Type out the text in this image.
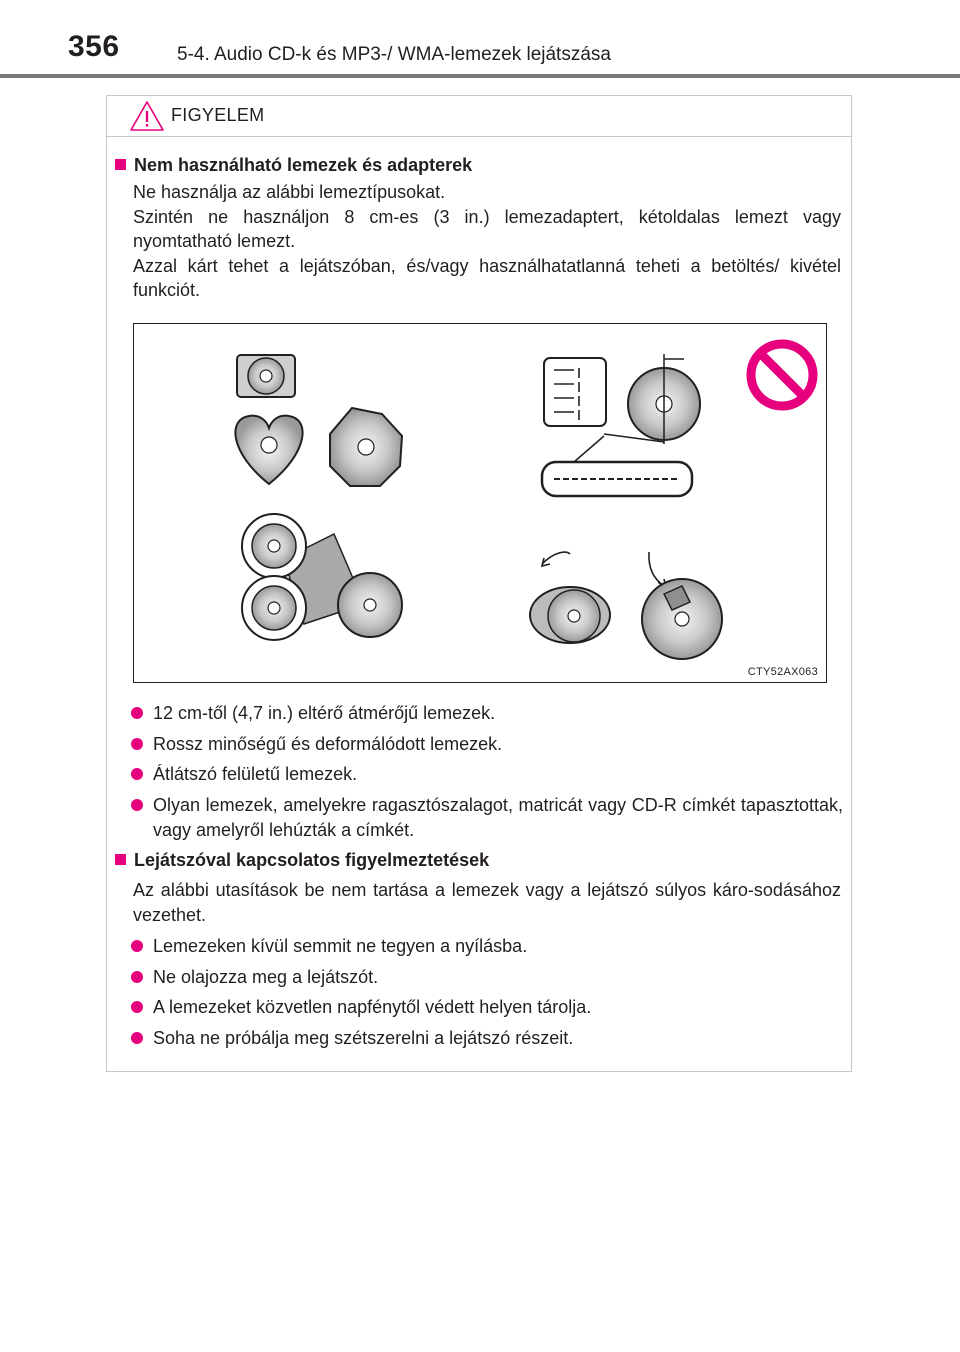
356	5-4. Audio CD-k és MP3-/ WMA-lemezek lejátszása
FIGYELEM
Nem használható lemezek és adapterek
Ne használja az alábbi lemeztípusokat.
Szintén ne használjon 8 cm-es (3 in.) lemezadaptert, kétoldalas lemezt vagy nyomtatható lemezt.
Azzal kárt tehet a lejátszóban, és/vagy használhatatlanná teheti a betöltés/ kivétel funkciót.
CTY52AX063
12 cm-től (4,7 in.) eltérő átmérőjű lemezek.
Rossz minőségű és deformálódott lemezek.
Átlátszó felületű lemezek.
Olyan lemezek, amelyekre ragasztószalagot, matricát vagy CD-R címkét tapasztottak, vagy amelyről lehúzták a címkét.
Lejátszóval kapcsolatos figyelmeztetések
Az alábbi utasítások be nem tartása a lemezek vagy a lejátszó súlyos káro-sodásához vezethet.
Lemezeken kívül semmit ne tegyen a nyílásba.
Ne olajozza meg a lejátszót.
A lemezeket közvetlen napfénytől védett helyen tárolja.
Soha ne próbálja meg szétszerelni a lejátszó részeit.
